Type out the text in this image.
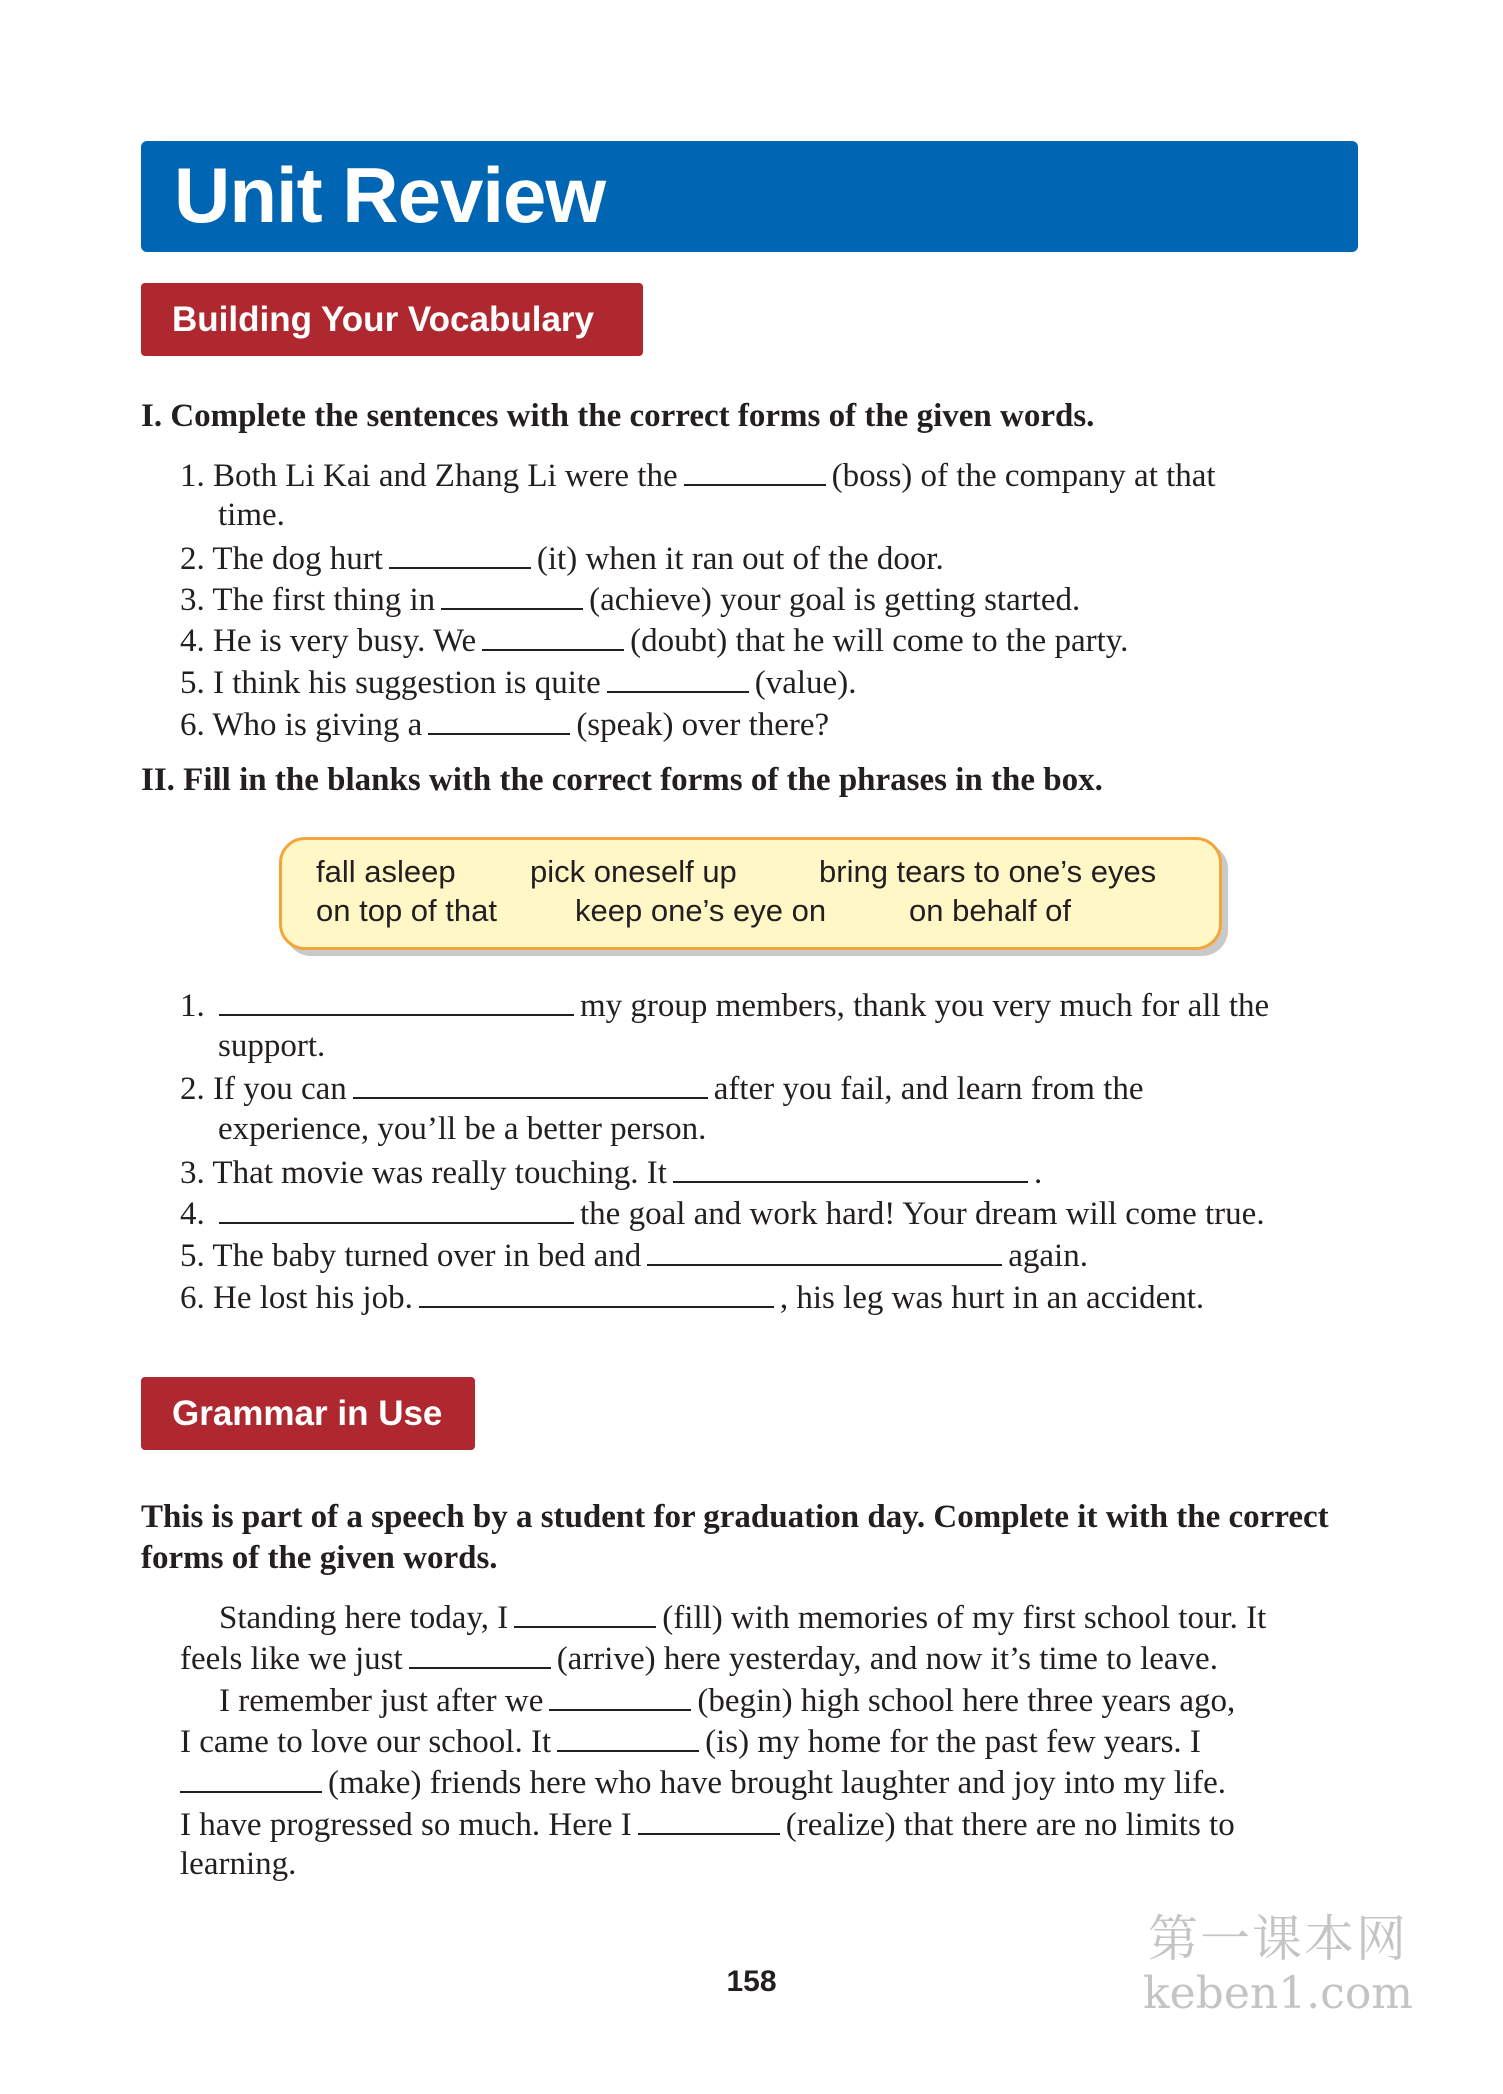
Unit Review
Building Your Vocabulary
I. Complete the sentences with the correct forms of the given words.
1. Both Li Kai and Zhang Li were the	(boss) of the company at that
time.
2. The dog hurt	(it) when it ran out of the door.
3. The first thing in	(achieve) your goal is getting started.
4. He is very busy. We	(doubt) that he will come to the party.
5. I think his suggestion is quite	(value).
6. Who is giving a	(speak) over there?
II. Fill in the blanks with the correct forms of the phrases in the box.
fall asleep pick oneself up	bring tears to one’s eyes
on top of that	keep one’s eye on	on behalf of
1.	my group members, thank you very much for all the
support.
2. If you can	after you fail, and learn from the
experience, you’ll be a better person.
3. That movie was really touching. It	.
4.	the goal and work hard! Your dream will come true.
5. The baby turned over in bed and	again.
6. He lost his job.	, his leg was hurt in an accident.
Grammar in Use
This is part of a speech by a student for graduation day. Complete it with the correct forms of the given words.
Standing here today, I	(fill) with memories of my first school tour. It
feels like we just	(arrive) here yesterday, and now it’s time to leave.
I remember just after we	(begin) high school here three years ago,
I came to love our school. It	(is) my home for the past few years. I
(make) friends here who have brought laughter and joy into my life.
I have progressed so much. Here I	(realize) that there are no limits to
learning.
158
第一课本网
keben1.com
